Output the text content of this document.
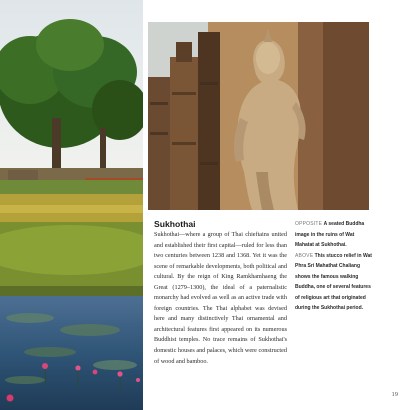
Sukhothai

Sukhothai—where a group of Thai chieftains united and established their first capital—ruled for less than two centuries between 1238 and 1368. Yet it was the scene of remarkable developments, both political and cultural. By the reign of King Ramkhamhaeng the Great (1279–1300), the ideal of a paternalistic monarchy had evolved as well as an active trade with foreign countries. The Thai alphabet was devised here and many distinctively Thai ornamental and architectural features first appeared on its numerous Buddhist temples. No trace remains of Sukhothai's domestic houses and palaces, which were constructed of wood and bamboo.

OPPOSITE A seated Buddha image in the ruins of Wat Mahatat at Sukhothai.

ABOVE This stucco relief in Wat Phra Sri Mahathat Chaliang shows the famous walking Buddha, one of several features of religious art that originated during the Sukhothai period.

19
